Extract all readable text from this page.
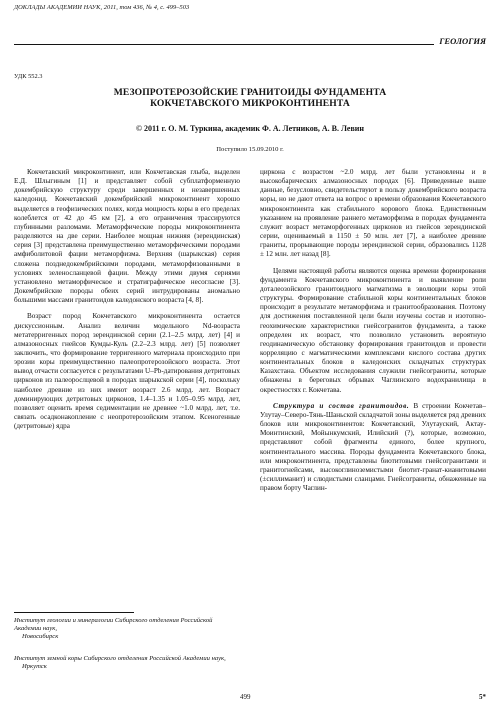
ДОКЛАДЫ АКАДЕМИИ НАУК, 2011, том 436, № 4, с. 499–503
ГЕОЛОГИЯ
УДК 552.3
МЕЗОПРОТЕРОЗОЙСКИЕ ГРАНИТОИДЫ ФУНДАМЕНТА
КОКЧЕТАВСКОГО МИКРОКОНТИНЕНТА
© 2011 г. О. М. Туркина, академик Ф. А. Летников, А. В. Левин
Поступило 15.09.2010 г.

Кокчетавский микроконтинент, или Кокчетавская глыба, выделен Е.Д. Шлыгиным [1] и представляет собой субплатформенную докембрийскую структуру среди завершенных и незавершенных каледонид. Кокчетавский докембрийский микроконтинент хорошо выделяется в геофизических полях, когда мощность коры в его пределах колеблется от 42 до 45 км [2], а его ограничения трассируются глубинными разломами. Метаморфические породы микроконтинента разделяются на две серии. Наиболее мощная нижняя (зерендинская) серия [3] представлена преимущественно метаморфическими породами амфиболитовой фации метаморфизма. Верхняя (шарыкская) серия сложена позднедокембрийскими породами, метаморфизованными в условиях зеленосланцевой фации. Между этими двумя сериями установлено метаморфическое и стратиграфическое несогласие [3]. Докембрийские породы обеих серий интрудированы аномально большими массами гранитоидов каледонского возраста [4, 8].

Возраст пород Кокчетавского микроконтинента остается дискуссионным. Анализ величин модельного Nd-возраста метатерригенных пород зерендинской серии (2.1–2.5 млрд. лет) [4] и алмазоносных гнейсов Кумды-Куль (2.2–2.3 млрд. лет) [5] позволяет заключить, что формирование терригенного материала происходило при эрозии коры преимущественно палеопротерозойского возраста. Этот вывод отчасти согласуется с результатами U–Pb-датирования детритовых цирконов из палеорослцевой в породах шарыкской серии [4], поскольку наиболее древние из них имеют возраст 2.6 млрд. лет. Возраст доминирующих детритовых цирконов, 1.4–1.35 и 1.05–0.95 млрд. лет, позволяет оценить время седиментации не древнее ~1.0 млрд. лет, т.е. связать осадконакопление с неопротерозойским этапом. Ксеногенные (детритовые) ядра

циркона с возрастом ~2.0 млрд. лет были установлены и в высокобарических алмазоносных породах [6]. Приведенные выше данные, безусловно, свидетельствуют в пользу докембрийского возраста коры, но не дают ответа на вопрос о времени образования Кокчетавского микроконтинента как стабильного корового блока. Единственным указанием на проявление раннего метаморфизма в породах фундамента служит возраст метаморфогенных цирконов из гнейсов зерендинской серии, оцениваемый в 1150 ± 50 млн. лет [7], а наиболее древние граниты, прорывающие породы зерендинской серии, образовались 1128 ± 12 млн. лет назад [8].

Целями настоящей работы являются оценка времени формирования фундамента Кокчетавского микроконтинента и выявление роли доталеозойского гранитоидного магматизма в эволюции коры этой структуры. Формирование стабильной коры континентальных блоков происходит в результате метаморфизма и гранитообразования. Поэтому для достижения поставленной цели были изучены состав и изотопно-геохимические характеристики гнейсогранитов фундамента, а также определен их возраст, что позволило установить вероятную геодинамическую обстановку формирования гранитоидов и провести корреляцию с магматическими комплексами кислого состава других континентальных блоков в каледонских складчатых структурах Казахстана. Объектом исследования служили гнейсограниты, которые обнажены в береговых обрывах Чаглинского водохранилища в окрестностях г. Кокчетава.

Структура и состав гранитоидов. В строении Кокчетав–Улутау–Северо-Тянь-Шаньской складчатой зоны выделяется ряд древних блоков или микроконтинентов: Кокчетавский, Улутауский, Актау-Моинтинский, Мойынкумский, Илийский (?), которые, возможно, представляют собой фрагменты единого, более крупного, континентального массива. Породы фундамента Кокчетавского блока, или микроконтинента, представлены биотитовыми гнейсогранитами и гранитогнейсами, высокоглиноземистыми биотит-гранат-кианитовыми (±силлиманит) и слюдистыми сланцами. Гнейсограниты, обнаженные на правом борту Чаглин-

Институт геологии и минералогии Сибирского отделения Российской Академии наук,
Новосибирск
Институт земной коры Сибирского отделения Российской Академии наук,
Иркутск
499	5*
